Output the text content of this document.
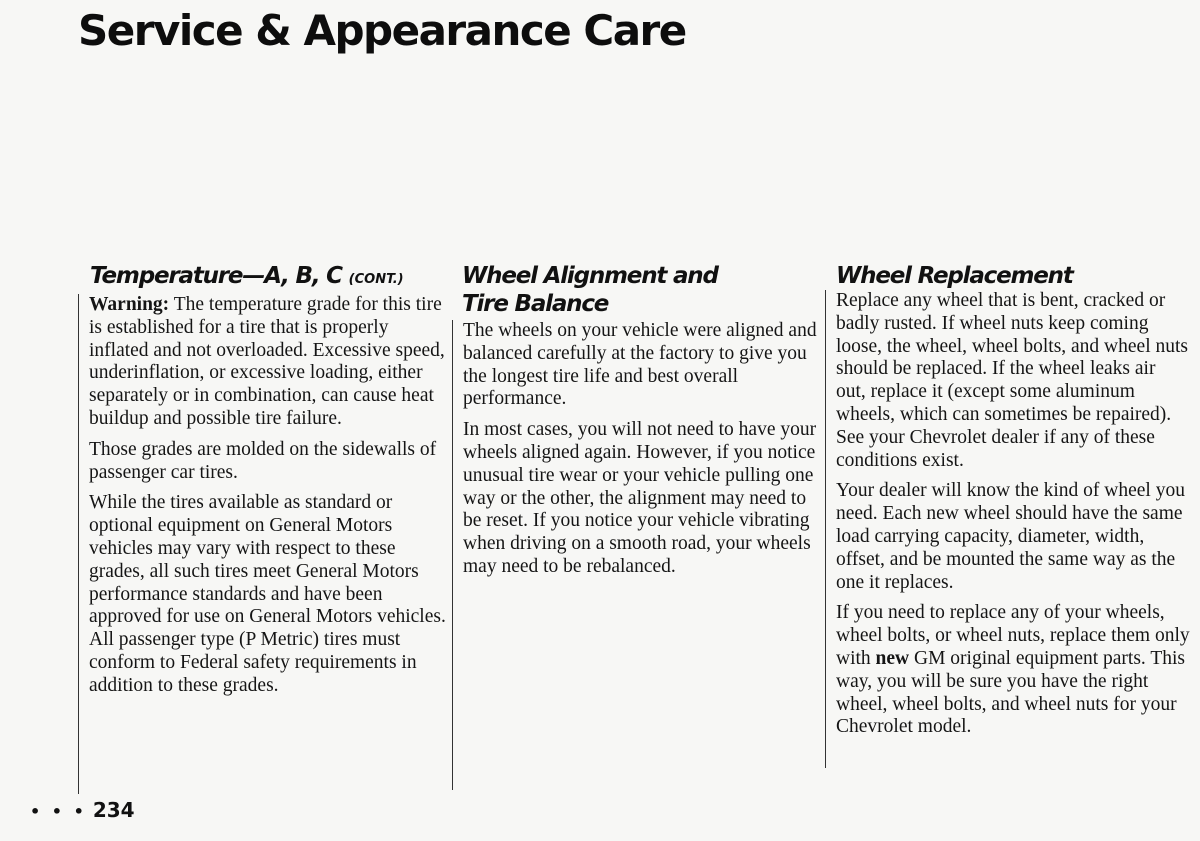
Service & Appearance Care
Temperature—A, B, C (CONT.)

Warning: The temperature grade for this tire is established for a tire that is properly inflated and not overloaded. Excessive speed, underinflation, or excessive loading, either separately or in combination, can cause heat buildup and possible tire failure.

Those grades are molded on the sidewalls of passenger car tires.

While the tires available as standard or optional equipment on General Motors vehicles may vary with respect to these grades, all such tires meet General Motors performance standards and have been approved for use on General Motors vehicles. All passenger type (P Metric) tires must conform to Federal safety requirements in addition to these grades.

Wheel Alignment and
Tire Balance

The wheels on your vehicle were aligned and balanced carefully at the factory to give you the longest tire life and best overall performance.

In most cases, you will not need to have your wheels aligned again. However, if you notice unusual tire wear or your vehicle pulling one way or the other, the alignment may need to be reset. If you notice your vehicle vibrating when driving on a smooth road, your wheels may need to be rebalanced.

Wheel Replacement

Replace any wheel that is bent, cracked or badly rusted. If wheel nuts keep coming loose, the wheel, wheel bolts, and wheel nuts should be replaced. If the wheel leaks air out, replace it (except some aluminum wheels, which can sometimes be repaired). See your Chevrolet dealer if any of these conditions exist.

Your dealer will know the kind of wheel you need. Each new wheel should have the same load carrying capacity, diameter, width, offset, and be mounted the same way as the one it replaces.

If you need to replace any of your wheels, wheel bolts, or wheel nuts, replace them only with new GM original equipment parts. This way, you will be sure you have the right wheel, wheel bolts, and wheel nuts for your Chevrolet model.

• • • 234
